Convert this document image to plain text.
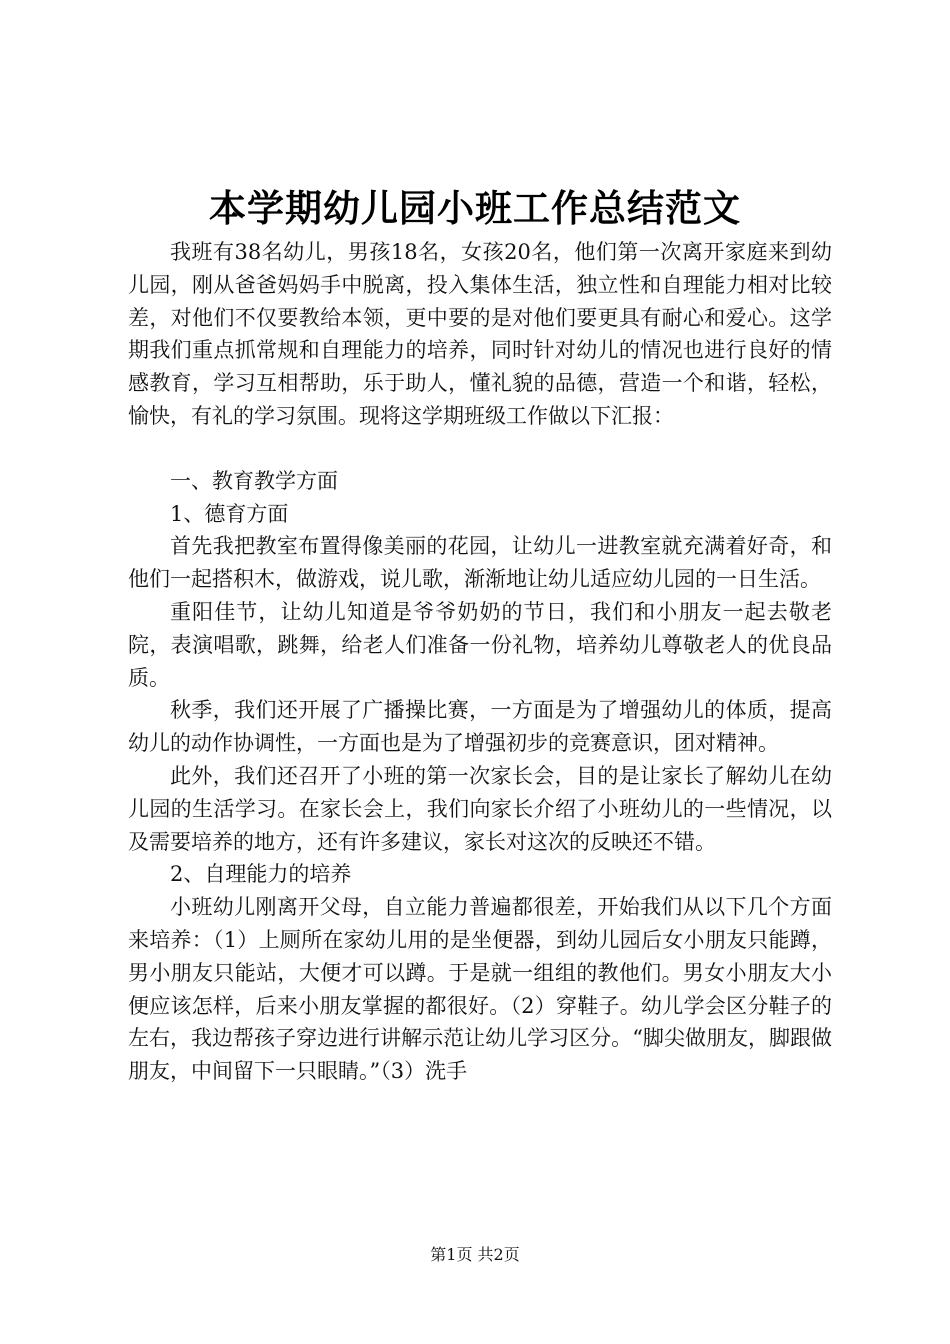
本学期幼儿园小班工作总结范文

我班有38名幼儿，男孩18名，女孩20名，他们第一次离开家庭来到幼儿园，刚从爸爸妈妈手中脱离，投入集体生活，独立性和自理能力相对比较差，对他们不仅要教给本领，更中要的是对他们要更具有耐心和爱心。这学期我们重点抓常规和自理能力的培养，同时针对幼儿的情况也进行良好的情感教育，学习互相帮助，乐于助人，懂礼貌的品德，营造一个和谐，轻松，愉快，有礼的学习氛围。现将这学期班级工作做以下汇报：

一、教育教学方面

1、德育方面

首先我把教室布置得像美丽的花园，让幼儿一进教室就充满着好奇，和他们一起搭积木，做游戏，说儿歌，渐渐地让幼儿适应幼儿园的一日生活。

重阳佳节，让幼儿知道是爷爷奶奶的节日，我们和小朋友一起去敬老院，表演唱歌，跳舞，给老人们准备一份礼物，培养幼儿尊敬老人的优良品质。

秋季，我们还开展了广播操比赛，一方面是为了增强幼儿的体质，提高幼儿的动作协调性，一方面也是为了增强初步的竞赛意识，团对精神。

此外，我们还召开了小班的第一次家长会，目的是让家长了解幼儿在幼儿园的生活学习。在家长会上，我们向家长介绍了小班幼儿的一些情况，以及需要培养的地方，还有许多建议，家长对这次的反映还不错。

2、自理能力的培养

小班幼儿刚离开父母，自立能力普遍都很差，开始我们从以下几个方面来培养：（1）上厕所在家幼儿用的是坐便器，到幼儿园后女小朋友只能蹲，男小朋友只能站，大便才可以蹲。于是就一组组的教他们。男女小朋友大小便应该怎样，后来小朋友掌握的都很好。（2）穿鞋子。幼儿学会区分鞋子的左右，我边帮孩子穿边进行讲解示范让幼儿学习区分。“脚尖做朋友，脚跟做朋友，中间留下一只眼睛。”（3）洗手

第1页 共2页
